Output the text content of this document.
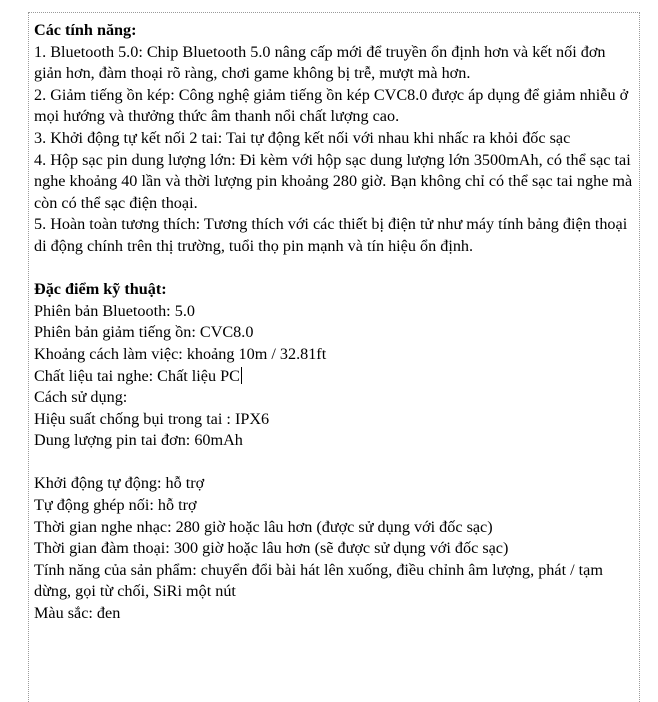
Các tính năng:

1. Bluetooth 5.0: Chip Bluetooth 5.0 nâng cấp mới để truyền ổn định hơn và kết nối đơn giản hơn, đàm thoại rõ ràng, chơi game không bị trễ, mượt mà hơn.

2. Giảm tiếng ồn kép: Công nghệ giảm tiếng ồn kép CVC8.0 được áp dụng để giảm nhiễu ở mọi hướng và thưởng thức âm thanh nổi chất lượng cao.

3. Khởi động tự kết nối 2 tai: Tai tự động kết nối với nhau khi nhấc ra khỏi đốc sạc

4. Hộp sạc pin dung lượng lớn: Đi kèm với hộp sạc dung lượng lớn 3500mAh, có thể sạc tai nghe khoảng 40 lần và thời lượng pin khoảng 280 giờ. Bạn không chỉ có thể sạc tai nghe mà còn có thể sạc điện thoại.

5. Hoàn toàn tương thích: Tương thích với các thiết bị điện tử như máy tính bảng điện thoại di động chính trên thị trường, tuổi thọ pin mạnh và tín hiệu ổn định.

Đặc điểm kỹ thuật:

Phiên bản Bluetooth: 5.0

Phiên bản giảm tiếng ồn: CVC8.0

Khoảng cách làm việc: khoảng 10m / 32.81ft

Chất liệu tai nghe: Chất liệu PC

Cách sử dụng:

Hiệu suất chống bụi trong tai : IPX6

Dung lượng pin tai đơn: 60mAh

Khởi động tự động: hỗ trợ

Tự động ghép nối: hỗ trợ

Thời gian nghe nhạc: 280 giờ hoặc lâu hơn (được sử dụng với đốc sạc)

Thời gian đàm thoại: 300 giờ hoặc lâu hơn (sẽ được sử dụng với đốc sạc)

Tính năng của sản phẩm: chuyển đổi bài hát lên xuống, điều chỉnh âm lượng, phát / tạm dừng, gọi từ chối, SiRi một nút

Màu sắc: đen
